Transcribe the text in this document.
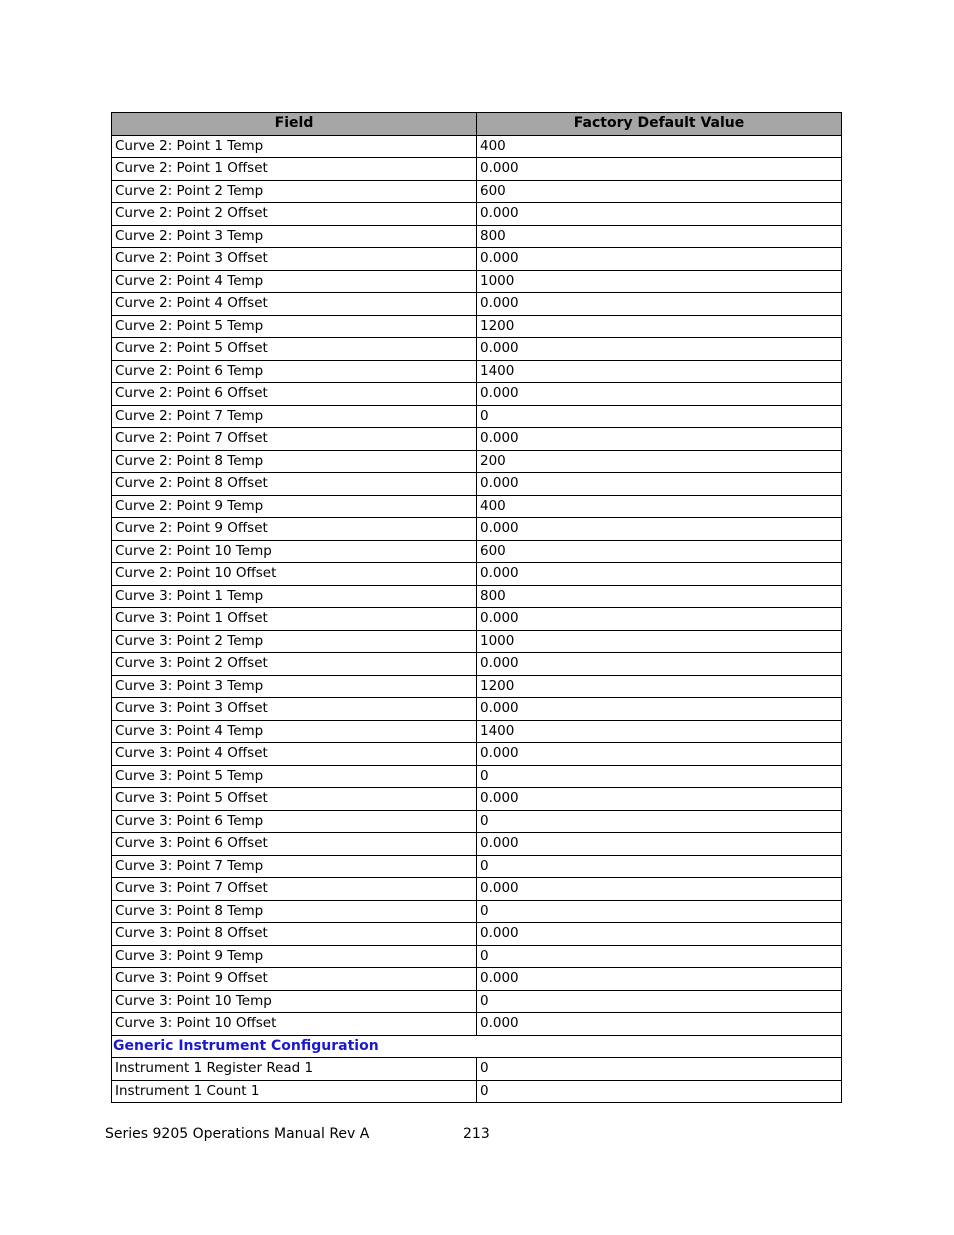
Field	Factory Default Value
Curve 2: Point 1 Temp	400
Curve 2: Point 1 Offset	0.000
Curve 2: Point 2 Temp	600
Curve 2: Point 2 Offset	0.000
Curve 2: Point 3 Temp	800
Curve 2: Point 3 Offset	0.000
Curve 2: Point 4 Temp	1000
Curve 2: Point 4 Offset	0.000
Curve 2: Point 5 Temp	1200
Curve 2: Point 5 Offset	0.000
Curve 2: Point 6 Temp	1400
Curve 2: Point 6 Offset	0.000
Curve 2: Point 7 Temp	0
Curve 2: Point 7 Offset	0.000
Curve 2: Point 8 Temp	200
Curve 2: Point 8 Offset	0.000
Curve 2: Point 9 Temp	400
Curve 2: Point 9 Offset	0.000
Curve 2: Point 10 Temp	600
Curve 2: Point 10 Offset	0.000
Curve 3: Point 1 Temp	800
Curve 3: Point 1 Offset	0.000
Curve 3: Point 2 Temp	1000
Curve 3: Point 2 Offset	0.000
Curve 3: Point 3 Temp	1200
Curve 3: Point 3 Offset	0.000
Curve 3: Point 4 Temp	1400
Curve 3: Point 4 Offset	0.000
Curve 3: Point 5 Temp	0
Curve 3: Point 5 Offset	0.000
Curve 3: Point 6 Temp	0
Curve 3: Point 6 Offset	0.000
Curve 3: Point 7 Temp	0
Curve 3: Point 7 Offset	0.000
Curve 3: Point 8 Temp	0
Curve 3: Point 8 Offset	0.000
Curve 3: Point 9 Temp	0
Curve 3: Point 9 Offset	0.000
Curve 3: Point 10 Temp	0
Curve 3: Point 10 Offset	0.000
Generic Instrument Configuration	
Instrument 1 Register Read 1	0
Instrument 1 Count 1	0
Series 9205 Operations Manual Rev A	213
